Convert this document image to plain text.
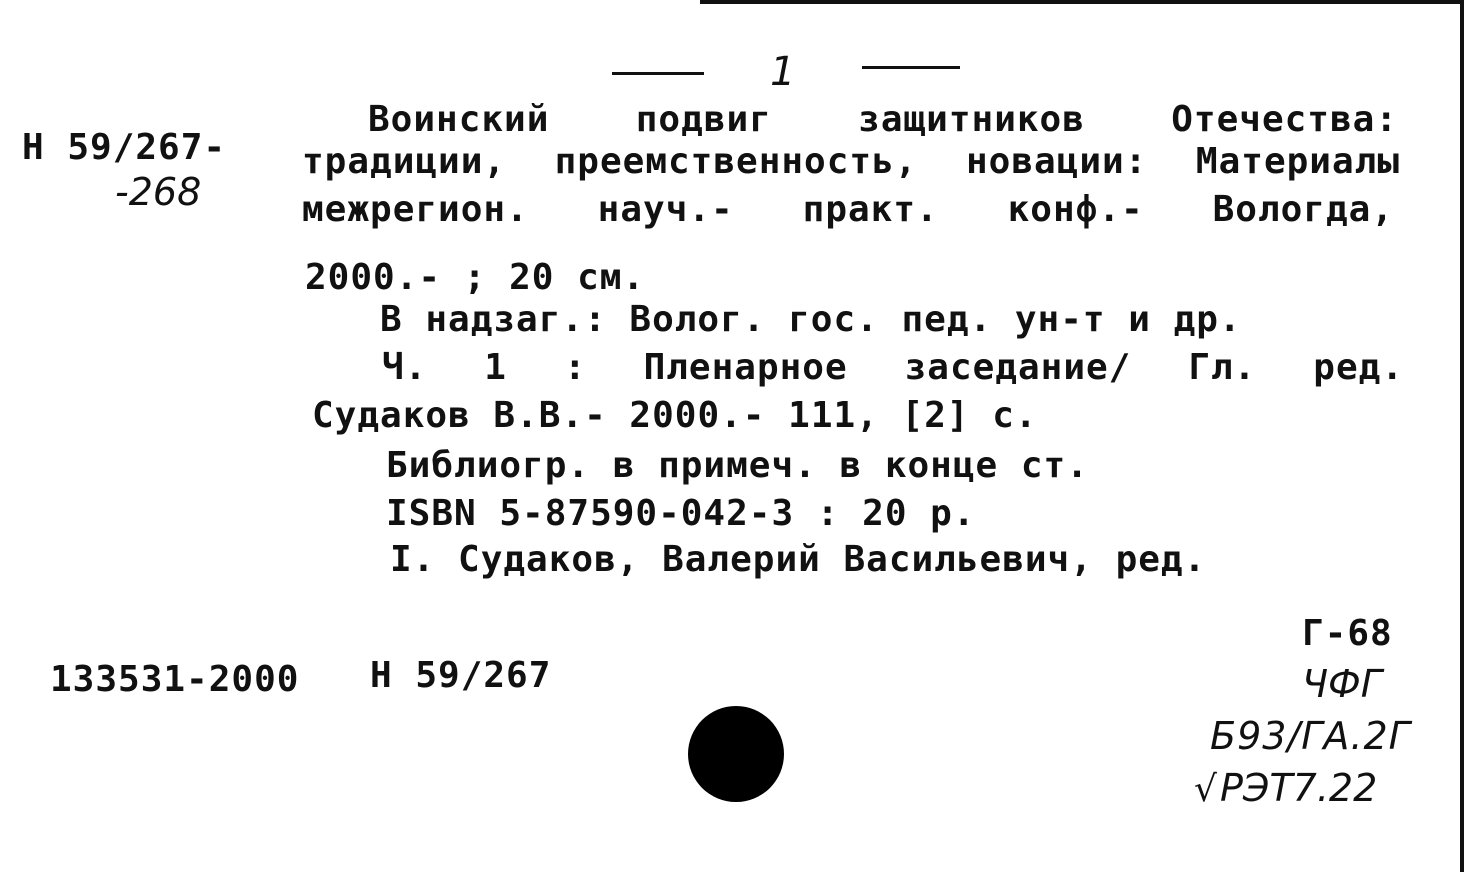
1
Н 59/267-
-268
Воинский подвиг защитников Отечества:
традиции, преемственность, новации: Материалы
межрегион. науч.- практ. конф.- Вологда,
2000.- ; 20 см.
В надзаг.: Волог. гос. пед. ун-т и др.
Ч. 1 : Пленарное заседание/ Гл. ред.
Судаков В.В.- 2000.- 111, [2] с.
Библиогр. в примеч. в конце ст.
ISBN 5-87590-042-3 : 20 р.
I. Судаков, Валерий Васильевич, ред.
133531-2000 Н 59/267
Г-68
ЧФГ
Б93/ГА.2Г
РЭТ7.22
√
